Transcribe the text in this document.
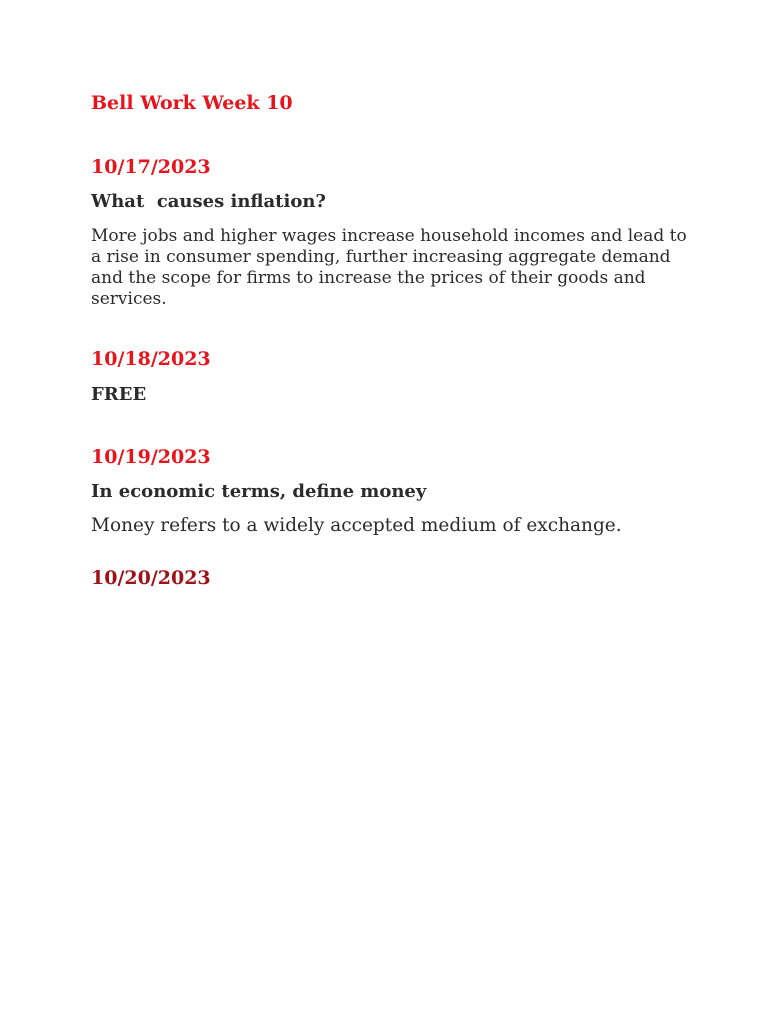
Bell Work Week 10
10/17/2023
What  causes inflation?
More jobs and higher wages increase household incomes and lead to a rise in consumer spending, further increasing aggregate demand and the scope for firms to increase the prices of their goods and services.
10/18/2023
FREE
10/19/2023
In economic terms, define money
Money refers to a widely accepted medium of exchange.
10/20/2023
